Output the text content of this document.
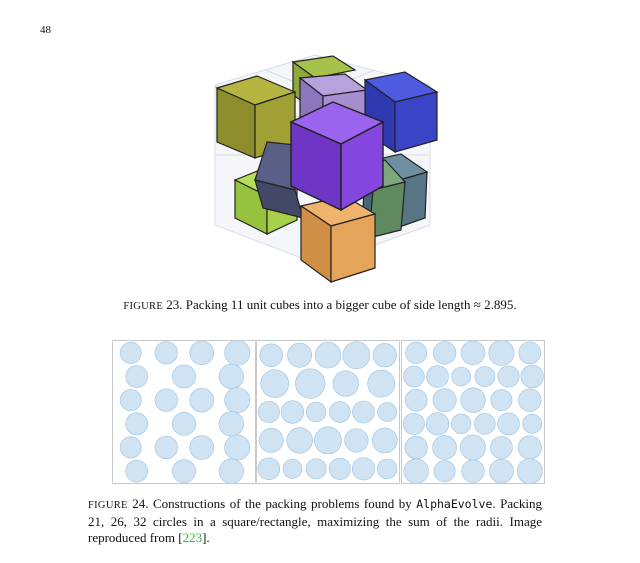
48
FIGURE 23. Packing 11 unit cubes into a bigger cube of side length ≈ 2.895.
FIGURE 24. Constructions of the packing problems found by AlphaEvolve. Packing 21, 26, 32 circles in a square/rectangle, maximizing the sum of the radii. Image reproduced from [223].
